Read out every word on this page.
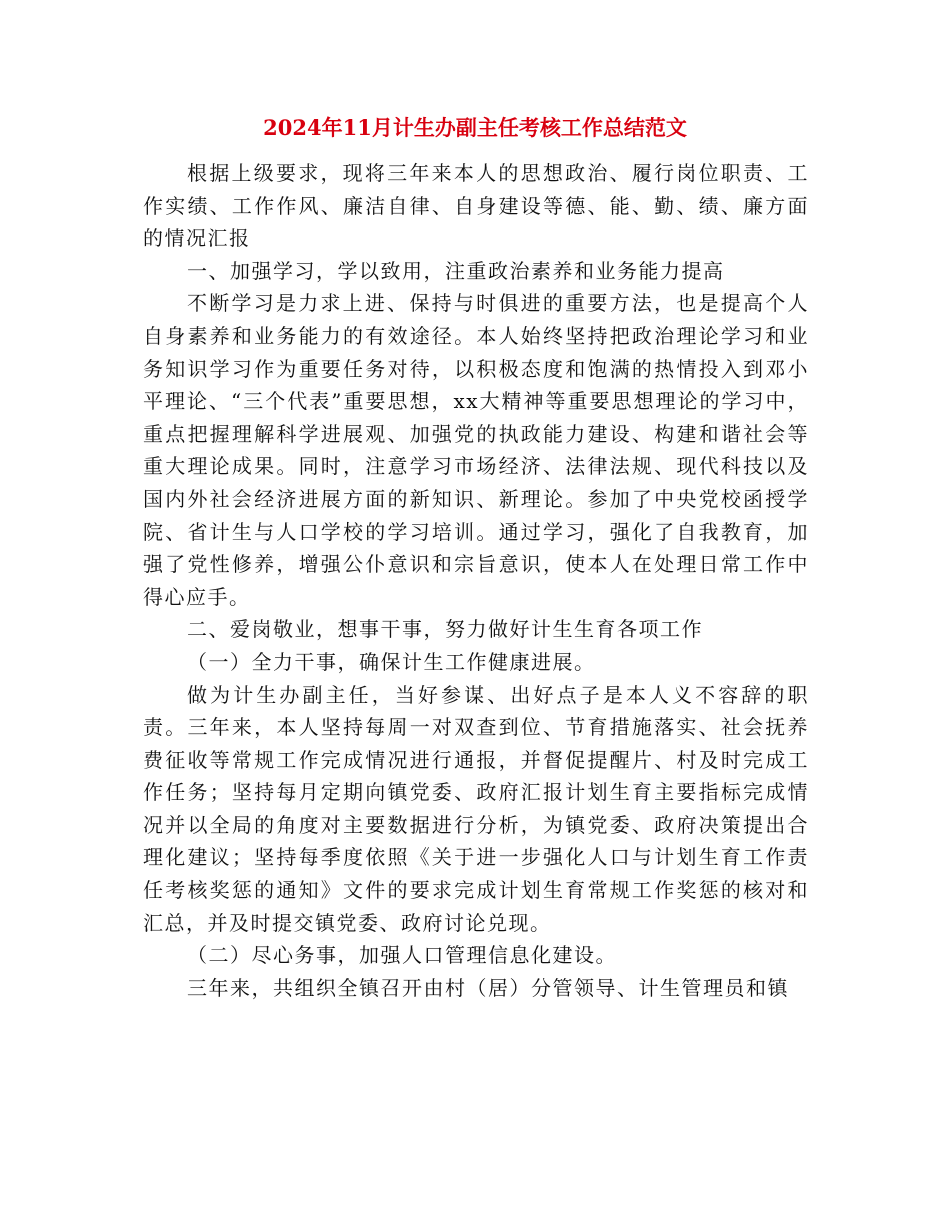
2024年11月计生办副主任考核工作总结范文

根据上级要求，现将三年来本人的思想政治、履行岗位职责、工作实绩、工作作风、廉洁自律、自身建设等德、能、勤、绩、廉方面的情况汇报

一、加强学习，学以致用，注重政治素养和业务能力提高

不断学习是力求上进、保持与时俱进的重要方法，也是提高个人自身素养和业务能力的有效途径。本人始终坚持把政治理论学习和业务知识学习作为重要任务对待，以积极态度和饱满的热情投入到邓小平理论、“三个代表”重要思想，xx大精神等重要思想理论的学习中，重点把握理解科学进展观、加强党的执政能力建设、构建和谐社会等重大理论成果。同时，注意学习市场经济、法律法规、现代科技以及国内外社会经济进展方面的新知识、新理论。参加了中央党校函授学院、省计生与人口学校的学习培训。通过学习，强化了自我教育，加强了党性修养，增强公仆意识和宗旨意识，使本人在处理日常工作中得心应手。

二、爱岗敬业，想事干事，努力做好计生生育各项工作

（一）全力干事，确保计生工作健康进展。

做为计生办副主任，当好参谋、出好点子是本人义不容辞的职责。三年来，本人坚持每周一对双查到位、节育措施落实、社会抚养费征收等常规工作完成情况进行通报，并督促提醒片、村及时完成工作任务；坚持每月定期向镇党委、政府汇报计划生育主要指标完成情况并以全局的角度对主要数据进行分析，为镇党委、政府决策提出合理化建议；坚持每季度依照《关于进一步强化人口与计划生育工作责任考核奖惩的通知》文件的要求完成计划生育常规工作奖惩的核对和汇总，并及时提交镇党委、政府讨论兑现。

（二）尽心务事，加强人口管理信息化建设。

三年来，共组织全镇召开由村（居）分管领导、计生管理员和镇
